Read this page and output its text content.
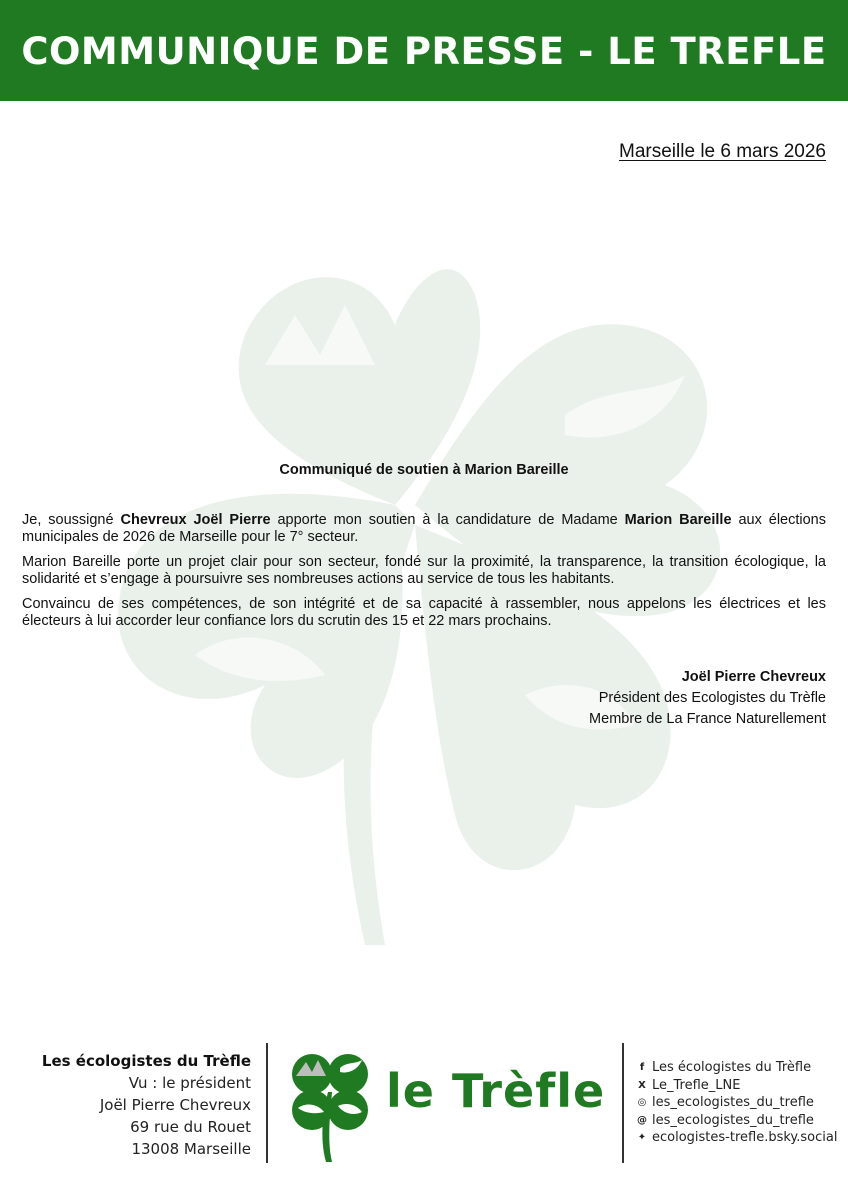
COMMUNIQUE DE PRESSE - LE TREFLE
Marseille le 6 mars 2026
Communiqué de soutien à Marion Bareille

Je, soussigné Chevreux Joël Pierre apporte mon soutien à la candidature de Madame Marion Bareille aux élections municipales de 2026 de Marseille pour le 7° secteur.

Marion Bareille porte un projet clair pour son secteur, fondé sur la proximité, la transparence, la transition écologique, la solidarité et s’engage à poursuivre ses nombreuses actions au service de tous les habitants.

Convaincu de ses compétences, de son intégrité et de sa capacité à rassembler, nous appelons les électrices et les électeurs à lui accorder leur confiance lors du scrutin des 15 et 22 mars prochains.

Joël Pierre Chevreux
Président des Ecologistes du Trèfle
Membre de La France Naturellement
Les écologistes du Trèfle
Vu : le président
Joël Pierre Chevreux
69 rue du Rouet
13008 Marseille
le Trèfle	f Les écologistes du Trèfle
X Le_Trefle_LNE
◎ les_ecologistes_du_trefle
@ les_ecologistes_du_trefle
✦ ecologistes-trefle.bsky.social
